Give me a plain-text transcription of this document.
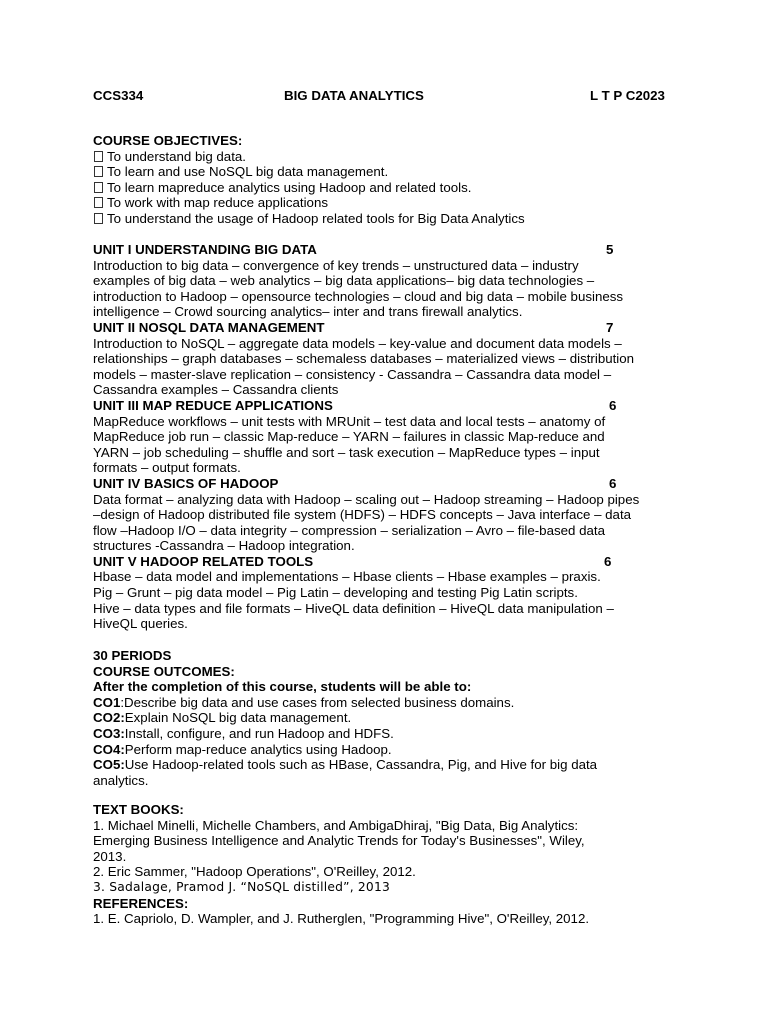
CCS334	BIG DATA ANALYTICS	L T P C2023
COURSE OBJECTIVES:
To understand big data.
To learn and use NoSQL big data management.
To learn mapreduce analytics using Hadoop and related tools.
To work with map reduce applications
To understand the usage of Hadoop related tools for Big Data Analytics
UNIT I UNDERSTANDING BIG DATA	5
Introduction to big data – convergence of key trends – unstructured data – industry
examples of big data – web analytics – big data applications– big data technologies –
introduction to Hadoop – opensource technologies – cloud and big data – mobile business
intelligence – Crowd sourcing analytics– inter and trans firewall analytics.
UNIT II NOSQL DATA MANAGEMENT	7
Introduction to NoSQL – aggregate data models – key-value and document data models –
relationships – graph databases – schemaless databases – materialized views – distribution
models – master-slave replication – consistency - Cassandra – Cassandra data model –
Cassandra examples – Cassandra clients
UNIT III MAP REDUCE APPLICATIONS	6
MapReduce workflows – unit tests with MRUnit – test data and local tests – anatomy of
MapReduce job run – classic Map-reduce – YARN – failures in classic Map-reduce and
YARN – job scheduling – shuffle and sort – task execution – MapReduce types – input
formats – output formats.
UNIT IV BASICS OF HADOOP	6
Data format – analyzing data with Hadoop – scaling out – Hadoop streaming – Hadoop pipes
–design of Hadoop distributed file system (HDFS) – HDFS concepts – Java interface – data
flow –Hadoop I/O – data integrity – compression – serialization – Avro – file-based data
structures -Cassandra – Hadoop integration.
UNIT V HADOOP RELATED TOOLS	6
Hbase – data model and implementations – Hbase clients – Hbase examples – praxis.
Pig – Grunt – pig data model – Pig Latin – developing and testing Pig Latin scripts.
Hive – data types and file formats – HiveQL data definition – HiveQL data manipulation –
HiveQL queries.
30 PERIODS
COURSE OUTCOMES:
After the completion of this course, students will be able to:
CO1:Describe big data and use cases from selected business domains.
CO2:Explain NoSQL big data management.
CO3:Install, configure, and run Hadoop and HDFS.
CO4:Perform map-reduce analytics using Hadoop.
CO5:Use Hadoop-related tools such as HBase, Cassandra, Pig, and Hive for big data
analytics.
TEXT BOOKS:
1. Michael Minelli, Michelle Chambers, and AmbigaDhiraj, "Big Data, Big Analytics:
Emerging Business Intelligence and Analytic Trends for Today's Businesses", Wiley,
2013.
2. Eric Sammer, "Hadoop Operations", O'Reilley, 2012.
3. Sadalage, Pramod J. “NoSQL distilled”, 2013
REFERENCES:
1. E. Capriolo, D. Wampler, and J. Rutherglen, "Programming Hive", O'Reilley, 2012.
